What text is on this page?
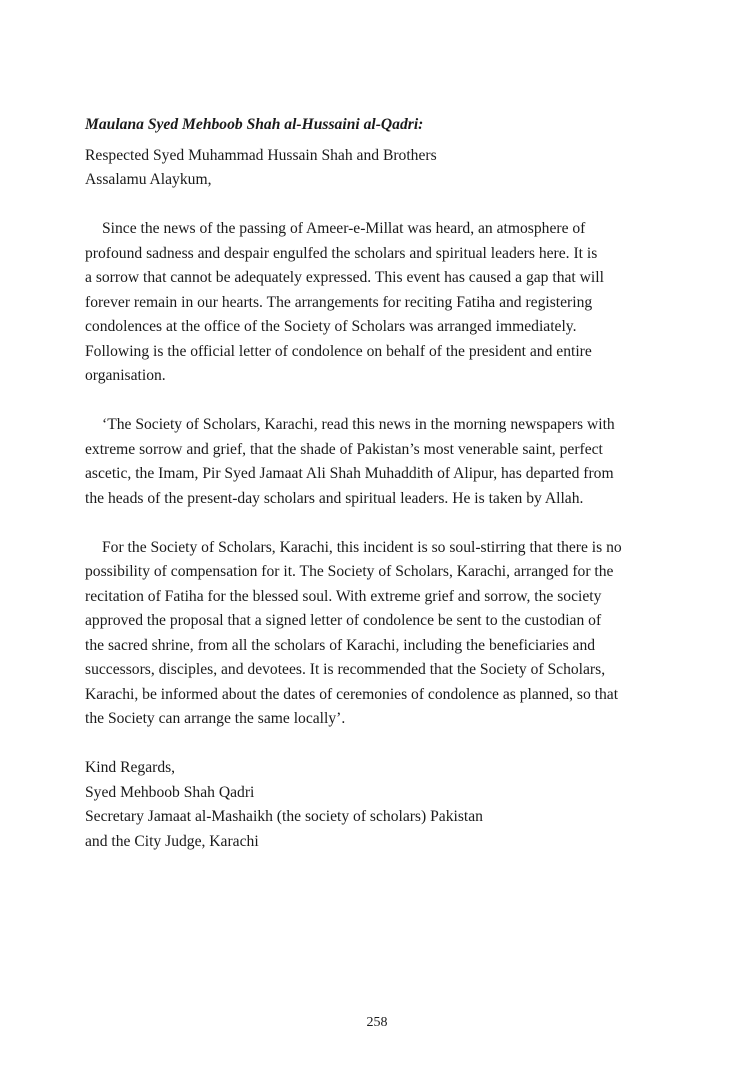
Maulana Syed Mehboob Shah al-Hussaini al-Qadri:

Respected Syed Muhammad Hussain Shah and Brothers
Assalamu Alaykum,

Since the news of the passing of Ameer-e-Millat was heard, an atmosphere of

profound sadness and despair engulfed the scholars and spiritual leaders here. It is
a sorrow that cannot be adequately expressed. This event has caused a gap that will
forever remain in our hearts. The arrangements for reciting Fatiha and registering
condolences at the office of the Society of Scholars was arranged immediately.
Following is the official letter of condolence on behalf of the president and entire
organisation.

‘The Society of Scholars, Karachi, read this news in the morning newspapers with

extreme sorrow and grief, that the shade of Pakistan’s most venerable saint, perfect
ascetic, the Imam, Pir Syed Jamaat Ali Shah Muhaddith of Alipur, has departed from
the heads of the present-day scholars and spiritual leaders. He is taken by Allah.

For the Society of Scholars, Karachi, this incident is so soul-stirring that there is no

possibility of compensation for it. The Society of Scholars, Karachi, arranged for the
recitation of Fatiha for the blessed soul. With extreme grief and sorrow, the society
approved the proposal that a signed letter of condolence be sent to the custodian of
the sacred shrine, from all the scholars of Karachi, including the beneficiaries and
successors, disciples, and devotees. It is recommended that the Society of Scholars,
Karachi, be informed about the dates of ceremonies of condolence as planned, so that
the Society can arrange the same locally’.
Kind Regards,
Syed Mehboob Shah Qadri
Secretary Jamaat al-Mashaikh (the society of scholars) Pakistan
and the City Judge, Karachi
258
